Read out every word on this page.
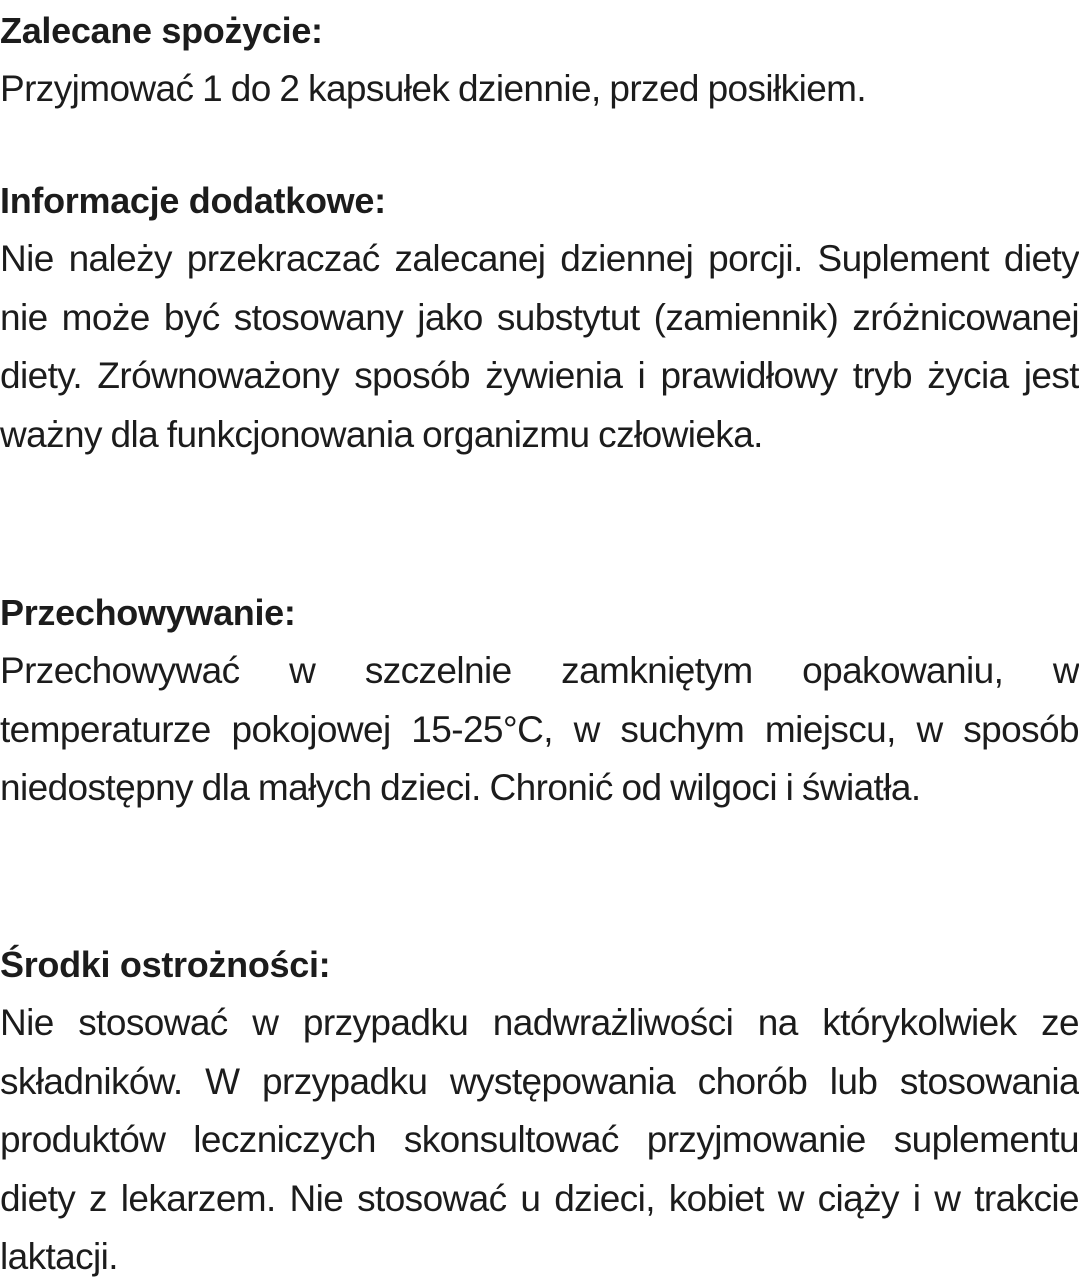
Zalecane spożycie:
Przyjmować 1 do 2 kapsułek dziennie, przed posiłkiem.
Informacje dodatkowe:
Nie należy przekraczać zalecanej dziennej porcji. Suplement diety nie może być stosowany jako substytut (zamiennik) zróżnicowanej diety. Zrównoważony sposób żywienia i prawidłowy tryb życia jest ważny dla funkcjonowania organizmu człowieka.
Przechowywanie:
Przechowywać w szczelnie zamkniętym opakowaniu, w temperaturze pokojowej 15-25°C, w suchym miejscu, w sposób niedostępny dla małych dzieci. Chronić od wilgoci i światła.
Środki ostrożności:
Nie stosować w przypadku nadwrażliwości na którykolwiek ze składników. W przypadku występowania chorób lub stosowania produktów leczniczych skonsultować przyjmowanie suplementu diety z lekarzem. Nie stosować u dzieci, kobiet w ciąży i w trakcie laktacji.
